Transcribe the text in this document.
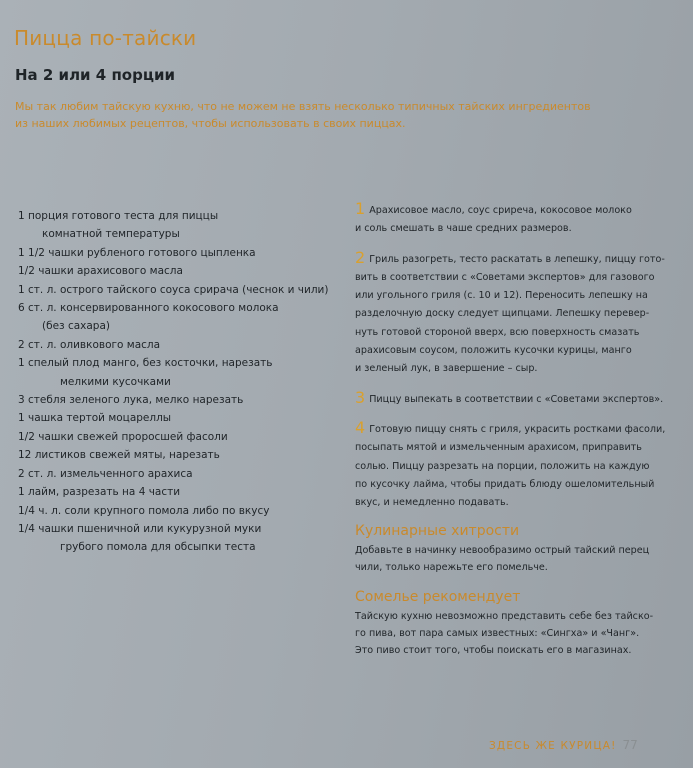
Пицца по-тайски
На 2 или 4 порции
Мы так любим тайскую кухню, что не можем не взять несколько типичных тайских ингредиентов
из наших любимых рецептов, чтобы использовать в своих пиццах.
1 порция готового теста для пиццы
комнатной температуры
1 1/2 чашки рубленого готового цыпленка
1/2 чашки арахисового масла
1 ст. л. острого тайского соуса срирача (чеснок и чили)
6 ст. л. консервированного кокосового молока
(без сахара)
2 ст. л. оливкового масла
1 спелый плод манго, без косточки, нарезать
мелкими кусочками
3 стебля зеленого лука, мелко нарезать
1 чашка тертой моцареллы
1/2 чашки свежей проросшей фасоли
12 листиков свежей мяты, нарезать
2 ст. л. измельченного арахиса
1 лайм, разрезать на 4 части
1/4 ч. л. соли крупного помола либо по вкусу
1/4 чашки пшеничной или кукурузной муки
грубого помола для обсыпки теста
1 Арахисовое масло, соус сриреча, кокосовое молоко
и соль смешать в чаше средних размеров.
2 Гриль разогреть, тесто раскатать в лепешку, пиццу гото-
вить в соответствии с «Советами экспертов» для газового
или угольного гриля (с. 10 и 12). Переносить лепешку на
разделочную доску следует щипцами. Лепешку перевер-
нуть готовой стороной вверх, всю поверхность смазать
арахисовым соусом, положить кусочки курицы, манго
и зеленый лук, в завершение – сыр.
3 Пиццу выпекать в соответствии с «Советами экспертов».
4 Готовую пиццу снять с гриля, украсить ростками фасоли,
посыпать мятой и измельченным арахисом, приправить
солью. Пиццу разрезать на порции, положить на каждую
по кусочку лайма, чтобы придать блюду ошеломительный
вкус, и немедленно подавать.
Кулинарные хитрости
Добавьте в начинку невообразимо острый тайский перец
чили, только нарежьте его помельче.
Сомелье рекомендует
Тайскую кухню невозможно представить себе без тайско-
го пива, вот пара самых известных: «Сингха» и «Чанг».
Это пиво стоит того, чтобы поискать его в магазинах.
ЗДЕСЬ ЖЕ КУРИЦА! 77
